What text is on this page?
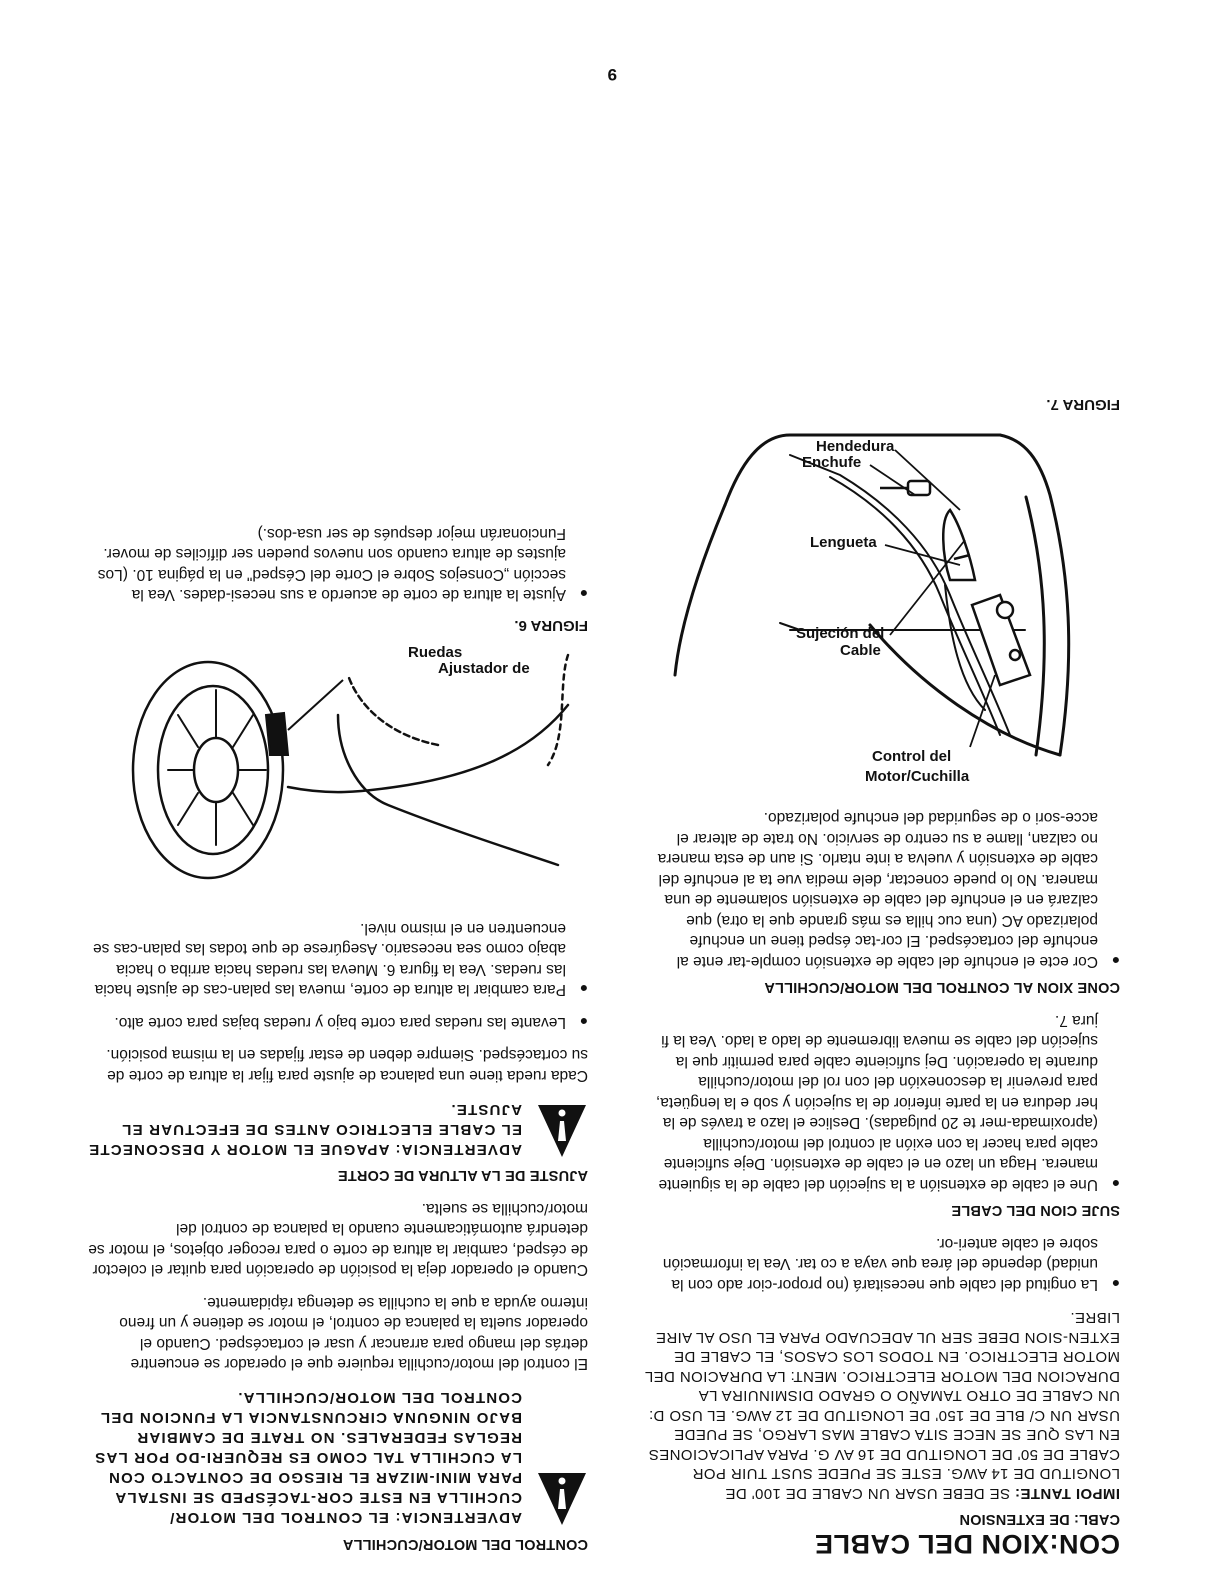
CON:XION DEL CABLE
CABL: DE EXTENSION
IMPOI TANTE: SE DEBE USAR UN CABLE DE 100' DE LONGITUD DE 14 AWG. ESTE SE PUEDE SUST TUIR POR CABLE DE 50' DE LONGITUD DE 16 AV G. PARA APLICACIONES EN LAS QUE SE NECE SITA CABLE MAS LARGO, SE PUEDE USAR UN C/ BLE DE 150' DE LONGITUD DE 12 AWG. EL USO D: UN CABLE DE OTRO TAMAÑO O GRADO DISMINUIRA LA DURACION DEL MOTOR ELECTRICO. MENT: LA DURACION DEL MOTOR ELECTRICO. EN TODOS LOS CASOS, EL CABLE DE EXTEN-SION DEBE SER UL ADECUADO PARA EL USO AL AIRE LIBRE.
● La ongitud del cable que necesitará (no propor-cior ado con la unidad) depende del área que vaya a co tar. Vea la información sobre el cable anteri-or.
SUJE CION DEL CABLE
● Une el cable de extensión a la sujeción del cable de la siguiente manera. Haga un lazo en el cable de extensión. Deje suficiente cable para hacer la con exión al control del motor/cuchilla (aproximada-mer te 20 pulgadas). Deslice el lazo a través de la her dedura en la parte inferior de la sujeción y sob e la lengüeta, para prevenir la desconexión del con rol del motor/cuchilla durante la operación. Dej suficiente cable para permitir que la sujeción del cable se mueva libremente de lado a lado. Vea la fi jura 7.
CONE XION AL CONTROL DEL MOTOR/CUCHILLA
● Cor ecte el enchufe del cable de extensión comple-tar ente al enchufe del cortacésped. El cor-tac ésped tiene un enchufe polarizado AC (una cuc hilla es más grande que la otra) que calzará en el enchufe del cable de extensión solamente de una manera. No lo puede conectar, dele media vue ta al enchufe del cable de extensión y vuelva a inte ntarlo. Si aun de esta manera no calzan, llame a su centro de servicio. No trate de alterar el acce-sori o de seguridad del enchufe polarizado.
Control del
Motor/Cuchilla
Sujeción del
Cable
Lengueta
Enchufe
Hendedura
FIGURA 7.
CONTROL DEL MOTOR/CUCHILLA
ADVERTENCIA: EL CONTROL DEL MOTOR/ CUCHILLA EN ESTE COR-TACÉSPED SE INSTALA PARA MINI-MIZAR EL RIESGO DE CONTACTO CON LA CUCHILLA TAL COMO ES REQUERI-DO POR LAS REGLAS FEDERALES. NO TRATE DE CAMBIAR BAJO NINGUNA CIRCUNSTANCIA LA FUNCION DEL CONTROL DEL MOTOR/CUCHILLA.

El control del motor/cuchilla requiere que el operador se encuentre detrás del mango para arrancar y usar el cortacésped. Cuando el operador suelta la palanca de control, el motor se detiene y un freno interno ayuda a que la cuchilla se detenga rápidamente.

Cuando el operador deja la posición de operación para quitar el colector de césped, cambiar la altura de corte o para recoger objetos, el motor se detendrá automáticamente cuando la palanca de control del motor/cuchilla se suelta.

AJUSTE DE LA ALTURA DE CORTE
ADVERTENCIA: APAGUE EL MOTOR Y DESCONECTE EL CABLE ELECTRICO ANTES DE EFECTUAR EL AJUSTE.

Cada rueda tiene una palanca de ajuste para fijar la altura de corte de su cortacésped. Siempre deben de estar fijadas en la misma posición.

● Levante las ruedas para corte bajo y ruedas bajas para corte alto.
● Para cambiar la altura de corte, mueva las palan-cas de ajuste hacia las ruedas. Vea la figura 6. Mueva las ruedas hacia arriba o hacia abajo como sea necesario. Asegúrese de que todas las palan-cas se encuentren en el mismo nivel.
Ajustador de
Ruedas
FIGURA 6.
● Ajuste la altura de corte de acuerdo a sus necesi-dades. Vea la sección „Consejos Sobre el Corte del Césped" en la página 10. (Los ajustes de altura cuando son nuevos pueden ser difíciles de mover. Funcionarán mejor después de ser usa-dos.)
9
